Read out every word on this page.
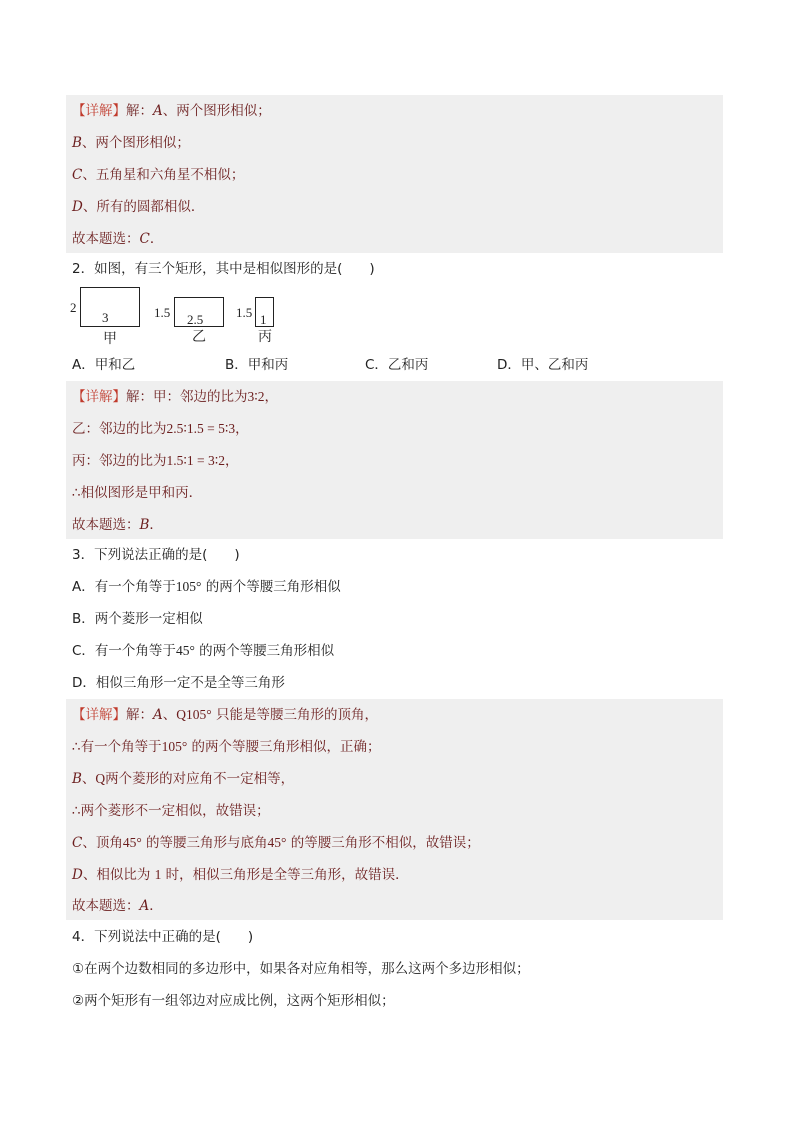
【详解】解：A、两个图形相似；
B、两个图形相似；
C、五角星和六角星不相似；
D、所有的圆都相似．
故本题选：C．
2．如图，有三个矩形，其中是相似图形的是(　　)
2
3
甲
1.5 2.5
乙
1.5 1
丙
A．甲和乙	B．甲和丙	C．乙和丙	D．甲、乙和丙
【详解】解：甲：邻边的比为3∶2，
乙：邻边的比为2.5∶1.5 = 5∶3，
丙：邻边的比为1.5∶1 = 3∶2，
∴相似图形是甲和丙．
故本题选：B．
3．下列说法正确的是(　　)
A．有一个角等于105° 的两个等腰三角形相似
B．两个菱形一定相似
C．有一个角等于45° 的两个等腰三角形相似
D．相似三角形一定不是全等三角形
【详解】解：A、Q105° 只能是等腰三角形的顶角，
∴有一个角等于105° 的两个等腰三角形相似，正确；
B、Q两个菱形的对应角不一定相等，
∴两个菱形不一定相似，故错误；
C、顶角45° 的等腰三角形与底角45° 的等腰三角形不相似，故错误；
D、相似比为 1 时，相似三角形是全等三角形，故错误．
故本题选：A．
4．下列说法中正确的是(　　)
①在两个边数相同的多边形中，如果各对应角相等，那么这两个多边形相似；
②两个矩形有一组邻边对应成比例，这两个矩形相似；
